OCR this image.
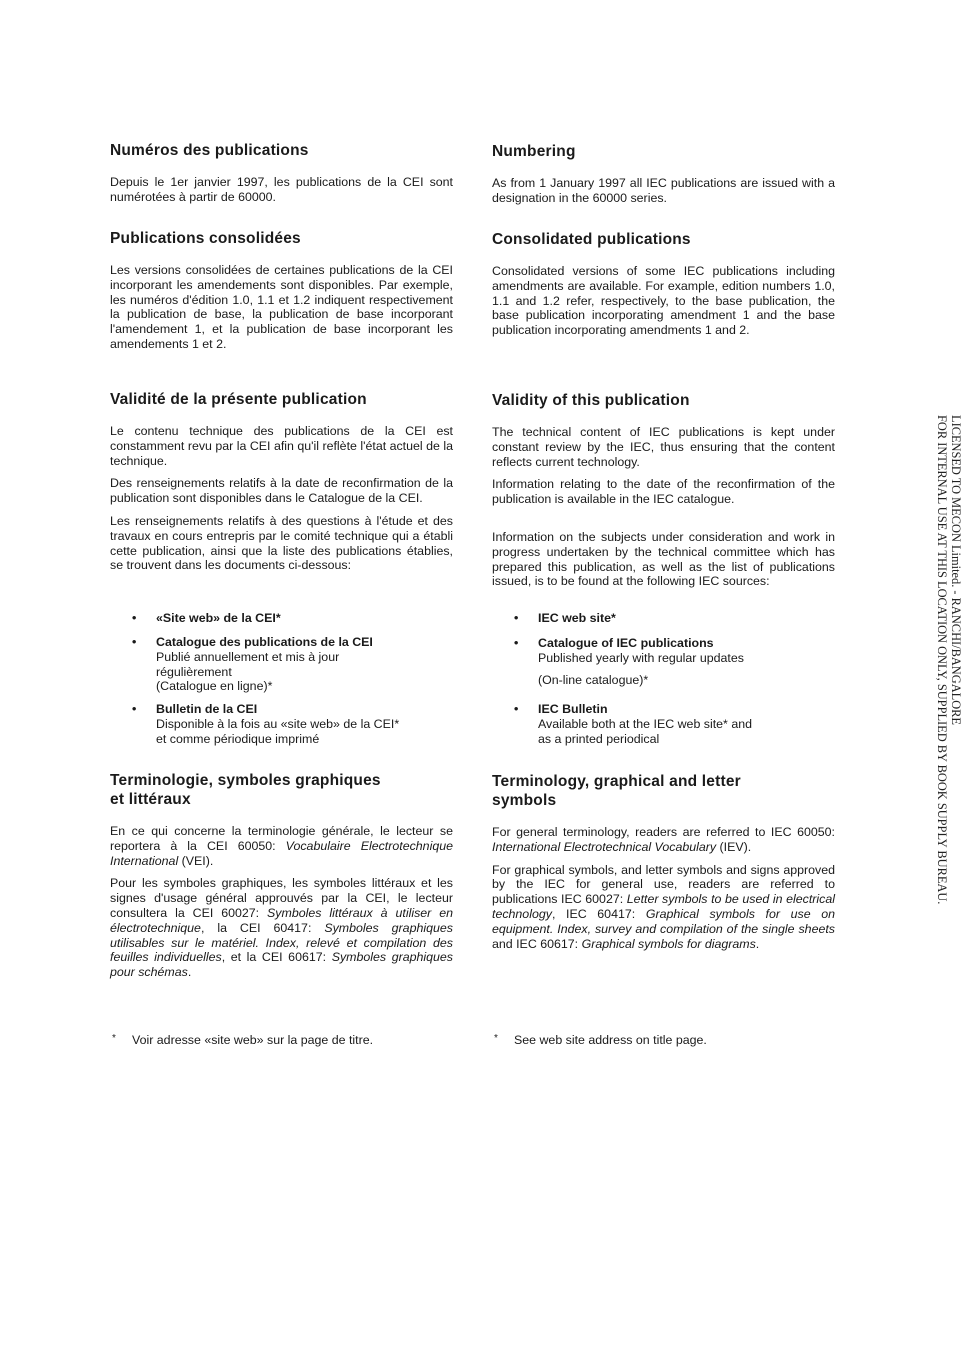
Numéros des publications

Depuis le 1er janvier 1997, les publications de la CEI sont numérotées à partir de 60000.

Publications consolidées

Les versions consolidées de certaines publications de la CEI incorporant les amendements sont disponibles. Par exemple, les numéros d'édition 1.0, 1.1 et 1.2 indiquent respectivement la publication de base, la publication de base incorporant l'amendement 1, et la publication de base incorporant les amendements 1 et 2.

Validité de la présente publication

Le contenu technique des publications de la CEI est constamment revu par la CEI afin qu'il reflète l'état actuel de la technique.

Des renseignements relatifs à la date de reconfirmation de la publication sont disponibles dans le Catalogue de la CEI.

Les renseignements relatifs à des questions à l'étude et des travaux en cours entrepris par le comité technique qui a établi cette publication, ainsi que la liste des publications établies, se trouvent dans les documents ci-dessous:

• «Site web» de la CEI*
• Catalogue des publications de la CEI
Publié annuellement et mis à jour régulièrement
(Catalogue en ligne)*
• Bulletin de la CEI
Disponible à la fois au «site web» de la CEI*
et comme périodique imprimé
Terminologie, symboles graphiques
et littéraux

En ce qui concerne la terminologie générale, le lecteur se reportera à la CEI 60050: Vocabulaire Electrotechnique International (VEI).

Pour les symboles graphiques, les symboles littéraux et les signes d'usage général approuvés par la CEI, le lecteur consultera la CEI 60027: Symboles littéraux à utiliser en électrotechnique, la CEI 60417: Symboles graphiques utilisables sur le matériel. Index, relevé et compilation des feuilles individuelles, et la CEI 60617: Symboles graphiques pour schémas.

Numbering

As from 1 January 1997 all IEC publications are issued with a designation in the 60000 series.

Consolidated publications

Consolidated versions of some IEC publications including amendments are available. For example, edition numbers 1.0, 1.1 and 1.2 refer, respectively, to the base publication, the base publication incorporating amendment 1 and the base publication incorporating amendments 1 and 2.

Validity of this publication

The technical content of IEC publications is kept under constant review by the IEC, thus ensuring that the content reflects current technology.

Information relating to the date of the reconfirmation of the publication is available in the IEC catalogue.

Information on the subjects under consideration and work in progress undertaken by the technical committee which has prepared this publication, as well as the list of publications issued, is to be found at the following IEC sources:

• IEC web site*
• Catalogue of IEC publications
Published yearly with regular updates
(On-line catalogue)*
• IEC Bulletin
Available both at the IEC web site* and
as a printed periodical
Terminology, graphical and letter
symbols

For general terminology, readers are referred to IEC 60050: International Electrotechnical Vocabulary (IEV).

For graphical symbols, and letter symbols and signs approved by the IEC for general use, readers are referred to publications IEC 60027: Letter symbols to be used in electrical technology, IEC 60417: Graphical symbols for use on equipment. Index, survey and compilation of the single sheets and IEC 60617: Graphical symbols for diagrams.

* Voir adresse «site web» sur la page de titre.	* See web site address on title page.
LICENSED TO MECON Limited. - RANCHI/BANGALORE
FOR INTERNAL USE AT THIS LOCATION ONLY, SUPPLIED BY BOOK SUPPLY BUREAU.
